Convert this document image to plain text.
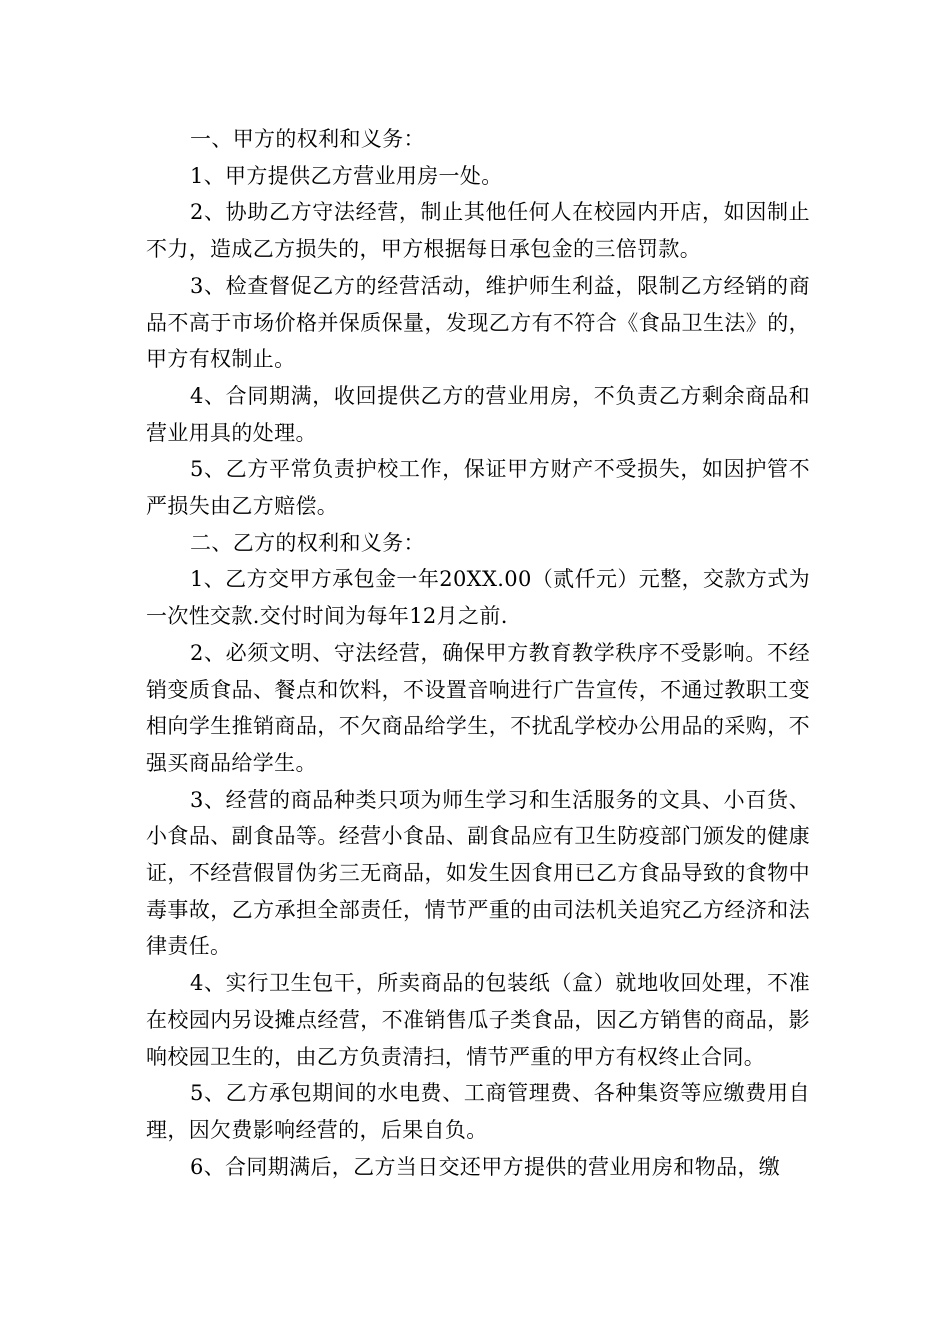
一、甲方的权利和义务：

1、甲方提供乙方营业用房一处。

2、协助乙方守法经营，制止其他任何人在校园内开店，如因制止不力，造成乙方损失的，甲方根据每日承包金的三倍罚款。

3、检查督促乙方的经营活动，维护师生利益，限制乙方经销的商品不高于市场价格并保质保量，发现乙方有不符合《食品卫生法》的，甲方有权制止。

4、合同期满，收回提供乙方的营业用房，不负责乙方剩余商品和营业用具的处理。

5、乙方平常负责护校工作，保证甲方财产不受损失，如因护管不严损失由乙方赔偿。

二、乙方的权利和义务：

1、乙方交甲方承包金一年20XX.00（贰仟元）元整，交款方式为一次性交款.交付时间为每年12月之前.

2、必须文明、守法经营，确保甲方教育教学秩序不受影响。不经销变质食品、餐点和饮料，不设置音响进行广告宣传，不通过教职工变相向学生推销商品，不欠商品给学生，不扰乱学校办公用品的采购，不强买商品给学生。

3、经营的商品种类只项为师生学习和生活服务的文具、小百货、小食品、副食品等。经营小食品、副食品应有卫生防疫部门颁发的健康证，不经营假冒伪劣三无商品，如发生因食用已乙方食品导致的食物中毒事故，乙方承担全部责任，情节严重的由司法机关追究乙方经济和法律责任。

4、实行卫生包干，所卖商品的包装纸（盒）就地收回处理，不准在校园内另设摊点经营，不准销售瓜子类食品，因乙方销售的商品，影响校园卫生的，由乙方负责清扫，情节严重的甲方有权终止合同。

5、乙方承包期间的水电费、工商管理费、各种集资等应缴费用自理，因欠费影响经营的，后果自负。

6、合同期满后，乙方当日交还甲方提供的营业用房和物品，缴
